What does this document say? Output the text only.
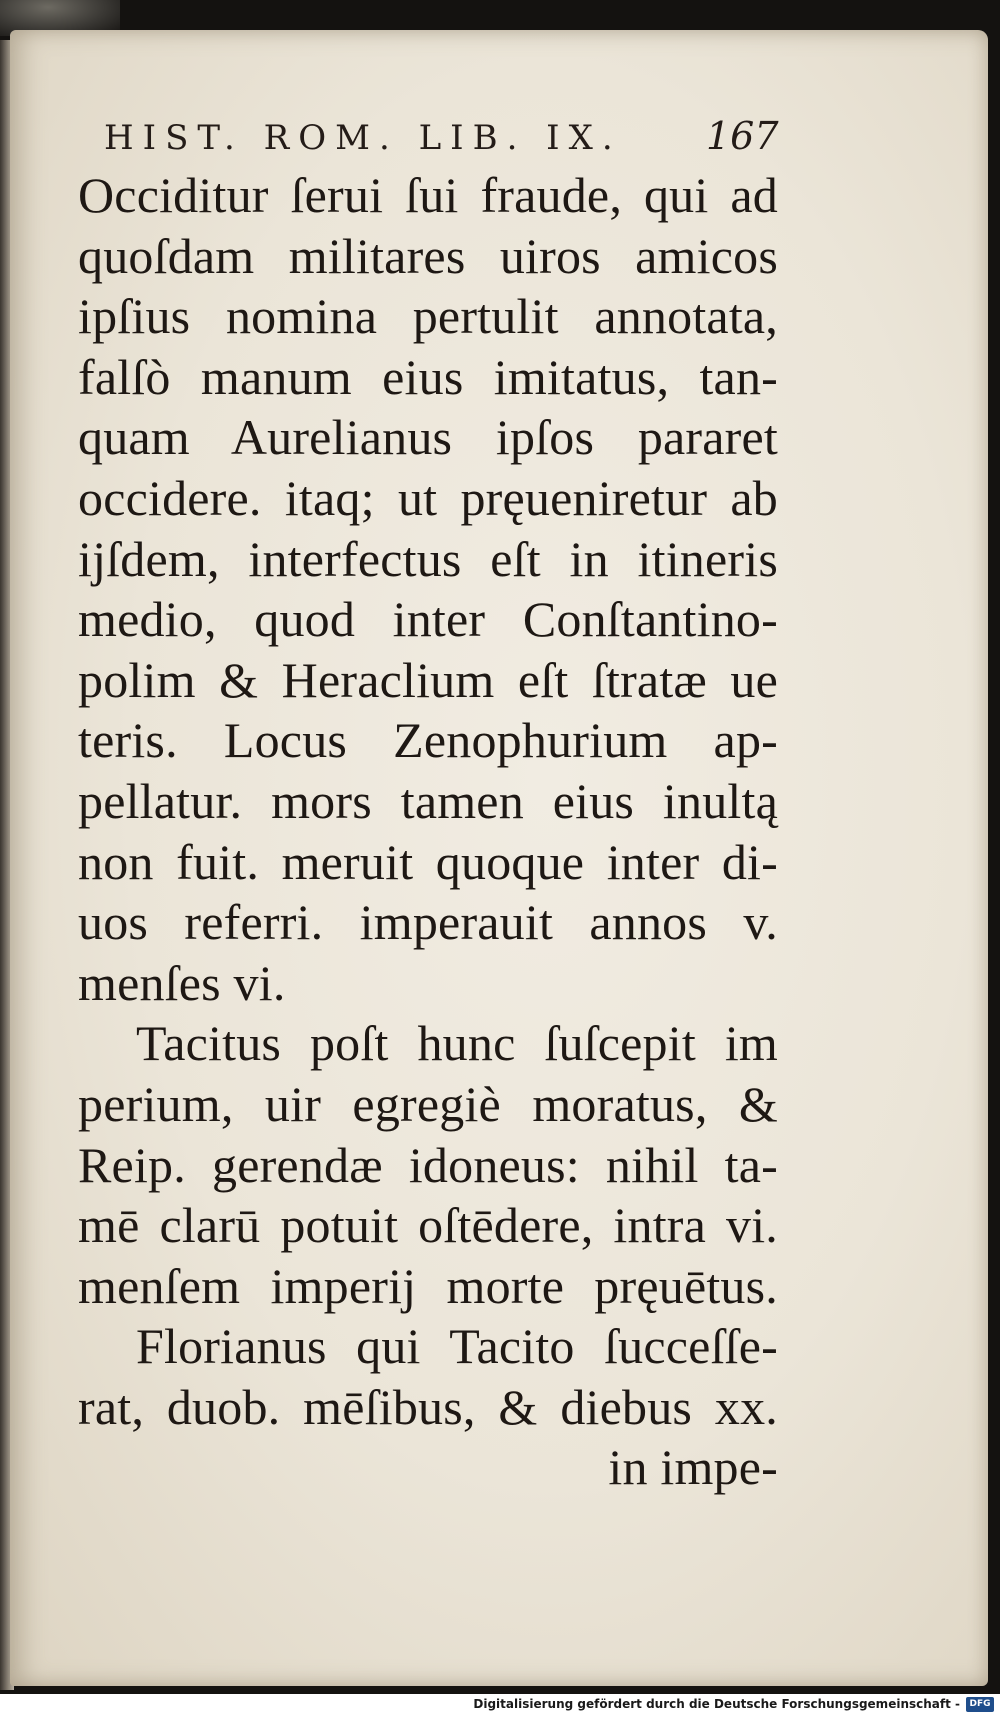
HIST. ROM. LIB. IX.	167
Occiditur ſerui ſui fraude, qui ad
quoſdam militares uiros amicos
ipſius nomina pertulit annotata,
falſò manum eius imitatus, tan-
quam Aurelianus ipſos pararet
occidere. itaq; ut pręueniretur ab
ijſdem, interfectus eſt in itineris
medio, quod inter Conſtantino-
polim & Heraclium eſt ſtratæ ue
teris. Locus Zenophurium ap-
pellatur. mors tamen eius inultą
non fuit. meruit quoque inter di-
uos referri. imperauit annos v.
menſes vi.
Tacitus poſt hunc ſuſcepit im
perium, uir egregiè moratus, &
Reip. gerendæ idoneus: nihil ta-
mē clarū potuit oſtēdere, intra vi.
menſem imperij morte pręuētus.
Florianus qui Tacito ſucceſſe-
rat, duob. mēſibus, & diebus xx.
in impe-
Digitalisierung gefördert durch die Deutsche Forschungsgemeinschaft -	DFG
